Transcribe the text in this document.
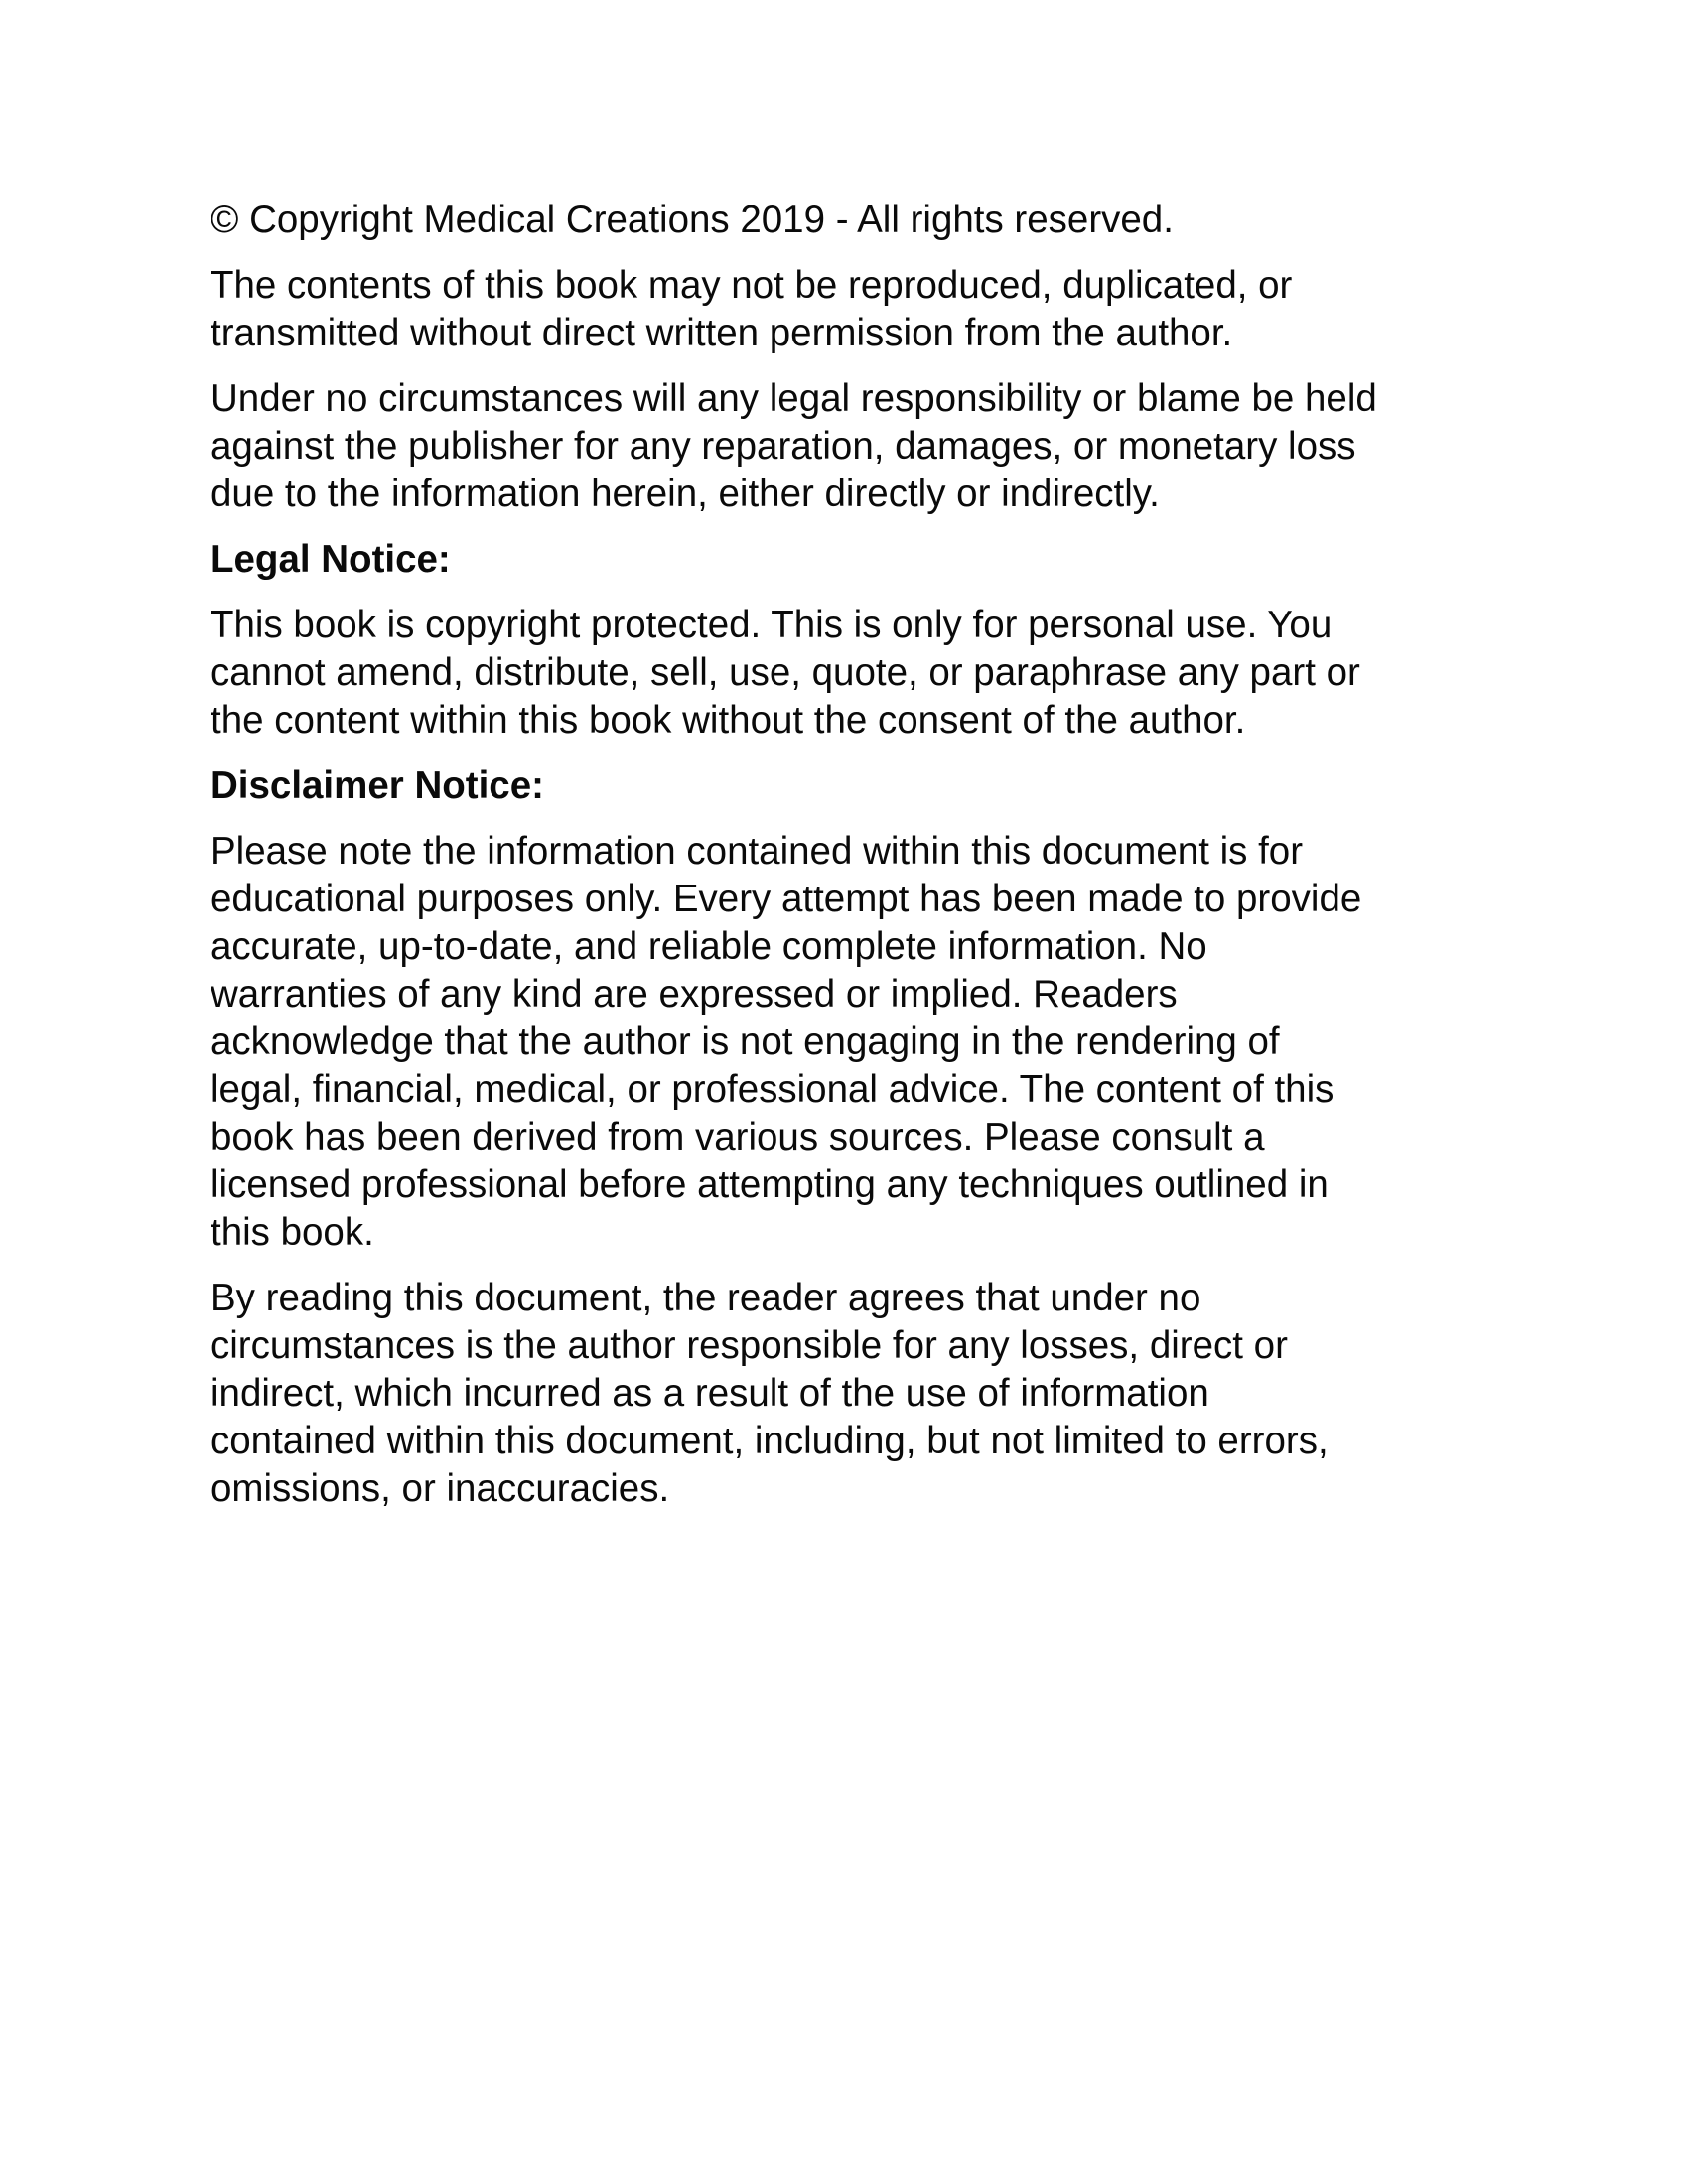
© Copyright Medical Creations 2019 - All rights reserved.

The contents of this book may not be reproduced, duplicated, or
transmitted without direct written permission from the author.

Under no circumstances will any legal responsibility or blame be held
against the publisher for any reparation, damages, or monetary loss
due to the information herein, either directly or indirectly.

Legal Notice:

This book is copyright protected. This is only for personal use. You
cannot amend, distribute, sell, use, quote, or paraphrase any part or
the content within this book without the consent of the author.

Disclaimer Notice:

Please note the information contained within this document is for
educational purposes only. Every attempt has been made to provide
accurate, up-to-date, and reliable complete information. No
warranties of any kind are expressed or implied. Readers
acknowledge that the author is not engaging in the rendering of
legal, financial, medical, or professional advice. The content of this
book has been derived from various sources. Please consult a
licensed professional before attempting any techniques outlined in
this book.

By reading this document, the reader agrees that under no
circumstances is the author responsible for any losses, direct or
indirect, which incurred as a result of the use of information
contained within this document, including, but not limited to errors,
omissions, or inaccuracies.
